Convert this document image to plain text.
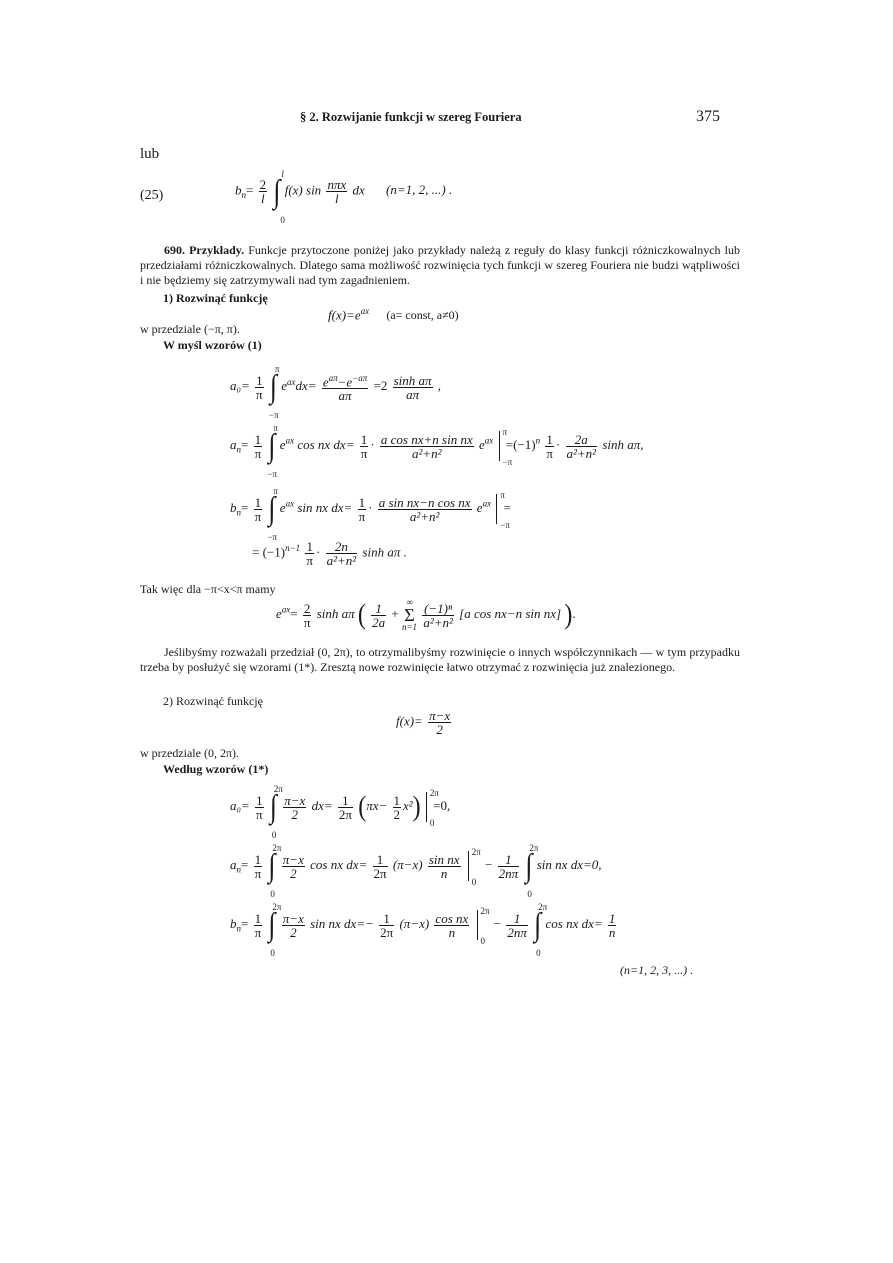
§ 2. Rozwijanie funkcji w szereg Fouriera	375
lub
(25)	$b_n= \frac{2}{l}$

l
∫
0
f(x) $\sin \frac{\text{nπx}}{l}$ dx (n=1, 2, ...) .
690. Przykłady. Funkcje przytoczone poniżej jako przykłady należą z reguły do klasy funkcji różniczkowalnych lub przedziałami różniczkowalnych. Dlatego sama możliwość rozwinięcia tych funkcji w szereg Fouriera nie budzi wątpliwości i nie będziemy się zatrzymywali nad tym zagadnieniem.
1) Rozwinąć funkcję
$f(x)=e^{ax}$ (a= const, a≠0)
w przedziale (−π, π).
W myśl wzorów (1)
$a_0= \frac{1}{\pi}$

π
∫
−π
$e^{ax}dx= \frac{e^{a\pi}-e^{-a\pi}}{a\pi} =2 \frac{\text{sinh aπ}}{a\pi}$ ,
$a_n= \frac{1}{\pi}$

π
∫
−π
$e^{ax}$ cos nx $dx= \frac{1}{\pi} \cdot \frac{\text{a cos nx+n sin nx}}{\text{a²+n²}} e^{ax}$
π
−π
$=(-1)^n \frac{1}{\pi} \cdot \frac{2a}{\text{a²+n²}}$ sinh aπ,
$b_n= \frac{1}{\pi}$

π
∫
−π
$e^{ax}$ sin nx $dx= \frac{1}{\pi} \cdot \frac{\text{a sin nx−n cos nx}}{\text{a²+n²}} e^{ax}$
π
−π
=
= $(-1)^{n-1} \frac{1}{\pi} \cdot \frac{2n}{\text{a²+n²}}$ sinh aπ .
Tak więc dla −π<x<π mamy
$e^{ax}= \frac{2}{\pi}$ sinh aπ ( $\frac{1}{2a}$ +
∞
Σ
n=1
$\frac{\text{(−1)ⁿ}}{\text{a²+n²}} [a$ cos nx−n sin nx] ).
Jeślibyśmy rozważali przedział (0, 2π), to otrzymalibyśmy rozwinięcie o innych współczynnikach — w tym przypadku trzeba by posłużyć się wzorami (1*). Zresztą nowe rozwinięcie łatwo otrzymać z rozwinięcia już znalezionego.
2) Rozwinąć funkcję
$f(x)= \frac{\pi-x}{2}$
w przedziale (0, 2π).
Według wzorów (1*)
$a_0= \frac{1}{\pi}$

2π
∫
0

$\frac{\pi-x}{2} dx= \frac{1}{2\pi} (\pi x- \frac{1}{2} x^2)$ 2π
0
=0,
$a_n= \frac{1}{\pi}$

2π
∫
0

$\frac{\pi-x}{2}$ cos nx $dx= \frac{1}{2\pi} (\pi-x) \frac{\text{sin nx}}{n}$

2π
0
− $\frac{1}{2n\pi}$

2π
∫
0
sin nx dx=0,
$b_n= \frac{1}{\pi}$

2π
∫
0

$\frac{\pi-x}{2}$ sin nx $dx=- \frac{1}{2\pi} (\pi-x) \frac{\text{cos nx}}{n}$

2π
0
− $\frac{1}{2n\pi}$

2π
∫
0
cos nx $dx= \frac{1}{n}$
(n=1, 2, 3, ...) .
